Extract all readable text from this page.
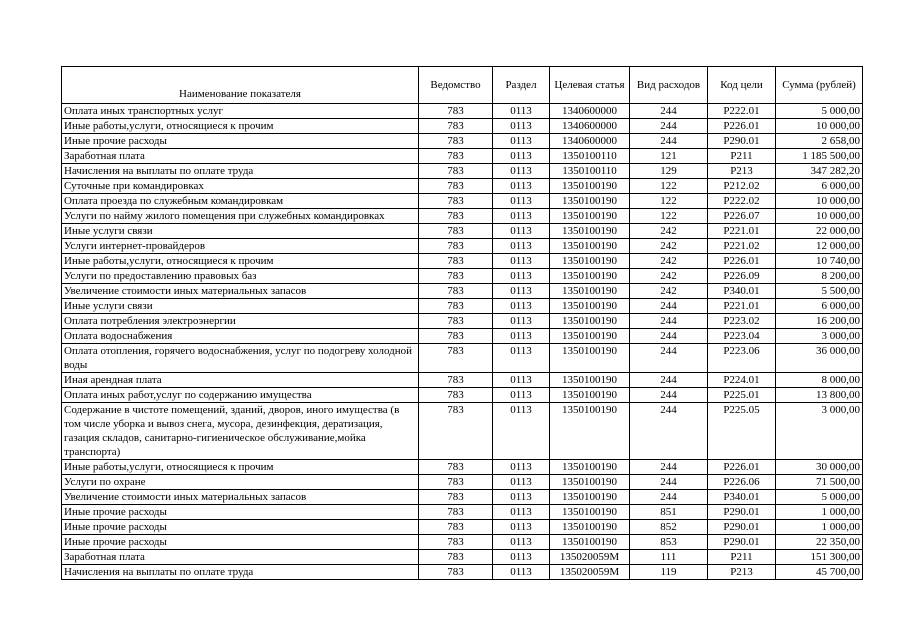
Наименование показателя	Ведомство	Раздел	Целевая статья	Вид расходов	Код цели	Сумма (рублей)
Оплата иных транспортных услуг	783	0113	1340600000	244	P222.01	5 000,00
Иные работы,услуги, относящиеся к прочим	783	0113	1340600000	244	P226.01	10 000,00
Иные прочие расходы	783	0113	1340600000	244	P290.01	2 658,00
Заработная плата	783	0113	1350100110	121	P211	1 185 500,00
Начисления на выплаты по оплате труда	783	0113	1350100110	129	P213	347 282,20
Суточные при командировках	783	0113	1350100190	122	P212.02	6 000,00
Оплата проезда по служебным командировкам	783	0113	1350100190	122	P222.02	10 000,00
Услуги по найму жилого помещения при служебных командировках	783	0113	1350100190	122	P226.07	10 000,00
Иные услуги связи	783	0113	1350100190	242	P221.01	22 000,00
Услуги интернет-провайдеров	783	0113	1350100190	242	P221.02	12 000,00
Иные работы,услуги, относящиеся к прочим	783	0113	1350100190	242	P226.01	10 740,00
Услуги по предоставлению правовых баз	783	0113	1350100190	242	P226.09	8 200,00
Увеличение стоимости иных материальных запасов	783	0113	1350100190	242	P340.01	5 500,00
Иные услуги связи	783	0113	1350100190	244	P221.01	6 000,00
Оплата потребления электроэнергии	783	0113	1350100190	244	P223.02	16 200,00
Оплата водоснабжения	783	0113	1350100190	244	P223.04	3 000,00
Оплата отопления, горячего водоснабжения, услуг по подогреву холодной воды	783	0113	1350100190	244	P223.06	36 000,00
Иная арендная плата	783	0113	1350100190	244	P224.01	8 000,00
Оплата иных работ,услуг по содержанию имущества	783	0113	1350100190	244	P225.01	13 800,00
Содержание в чистоте помещений, зданий, дворов, иного имущества (в том числе уборка и вывоз снега, мусора, дезинфекция, дератизация, газация складов, санитарно-гигиеническое обслуживание,мойка транспорта)	783	0113	1350100190	244	P225.05	3 000,00
Иные работы,услуги, относящиеся к прочим	783	0113	1350100190	244	P226.01	30 000,00
Услуги по охране	783	0113	1350100190	244	P226.06	71 500,00
Увеличение стоимости иных материальных запасов	783	0113	1350100190	244	P340.01	5 000,00
Иные прочие расходы	783	0113	1350100190	851	P290.01	1 000,00
Иные прочие расходы	783	0113	1350100190	852	P290.01	1 000,00
Иные прочие расходы	783	0113	1350100190	853	P290.01	22 350,00
Заработная плата	783	0113	135020059M	111	P211	151 300,00
Начисления на выплаты по оплате труда	783	0113	135020059M	119	P213	45 700,00
